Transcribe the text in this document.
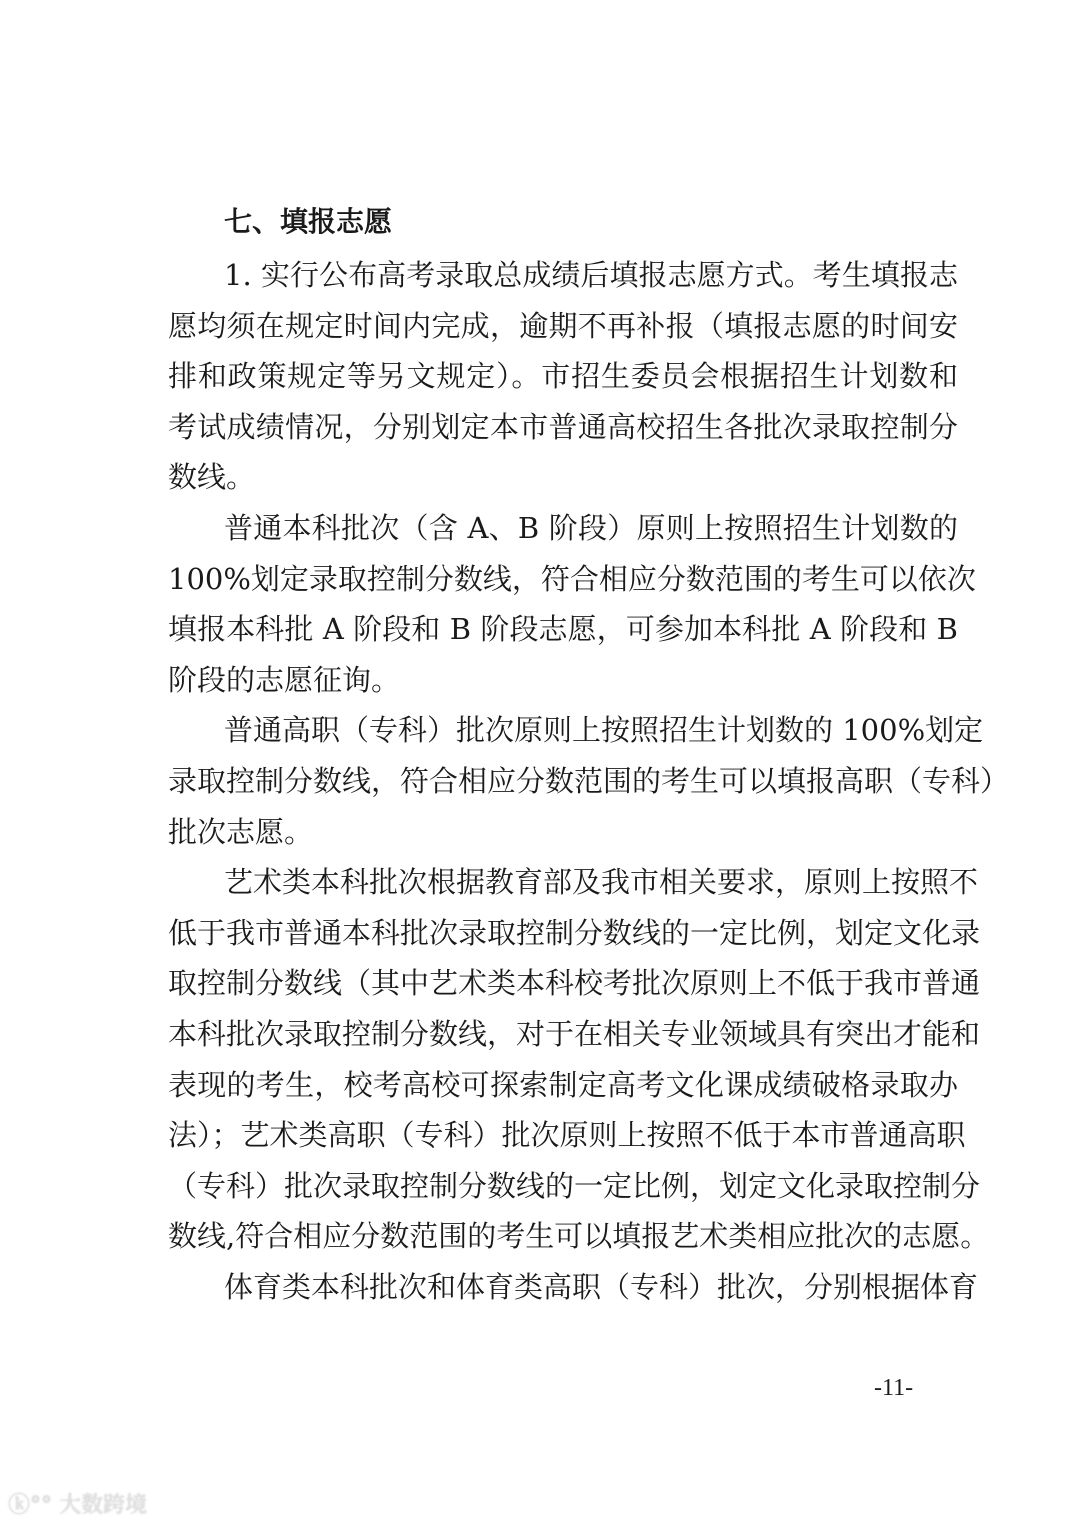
七、填报志愿
1. 实行公布高考录取总成绩后填报志愿方式。考生填报志
愿均须在规定时间内完成，逾期不再补报（填报志愿的时间安
排和政策规定等另文规定）。市招生委员会根据招生计划数和
考试成绩情况，分别划定本市普通高校招生各批次录取控制分
数线。
普通本科批次（含 A、B 阶段）原则上按照招生计划数的
100%划定录取控制分数线，符合相应分数范围的考生可以依次
填报本科批 A 阶段和 B 阶段志愿，可参加本科批 A 阶段和 B
阶段的志愿征询。
普通高职（专科）批次原则上按照招生计划数的 100%划定
录取控制分数线，符合相应分数范围的考生可以填报高职（专科）
批次志愿。
艺术类本科批次根据教育部及我市相关要求，原则上按照不
低于我市普通本科批次录取控制分数线的一定比例，划定文化录
取控制分数线（其中艺术类本科校考批次原则上不低于我市普通
本科批次录取控制分数线，对于在相关专业领域具有突出才能和
表现的考生，校考高校可探索制定高考文化课成绩破格录取办
法）；艺术类高职（专科）批次原则上按照不低于本市普通高职
（专科）批次录取控制分数线的一定比例，划定文化录取控制分
数线,符合相应分数范围的考生可以填报艺术类相应批次的志愿。
体育类本科批次和体育类高职（专科）批次，分别根据体育
-11-
ⓚ°° 大数跨境
